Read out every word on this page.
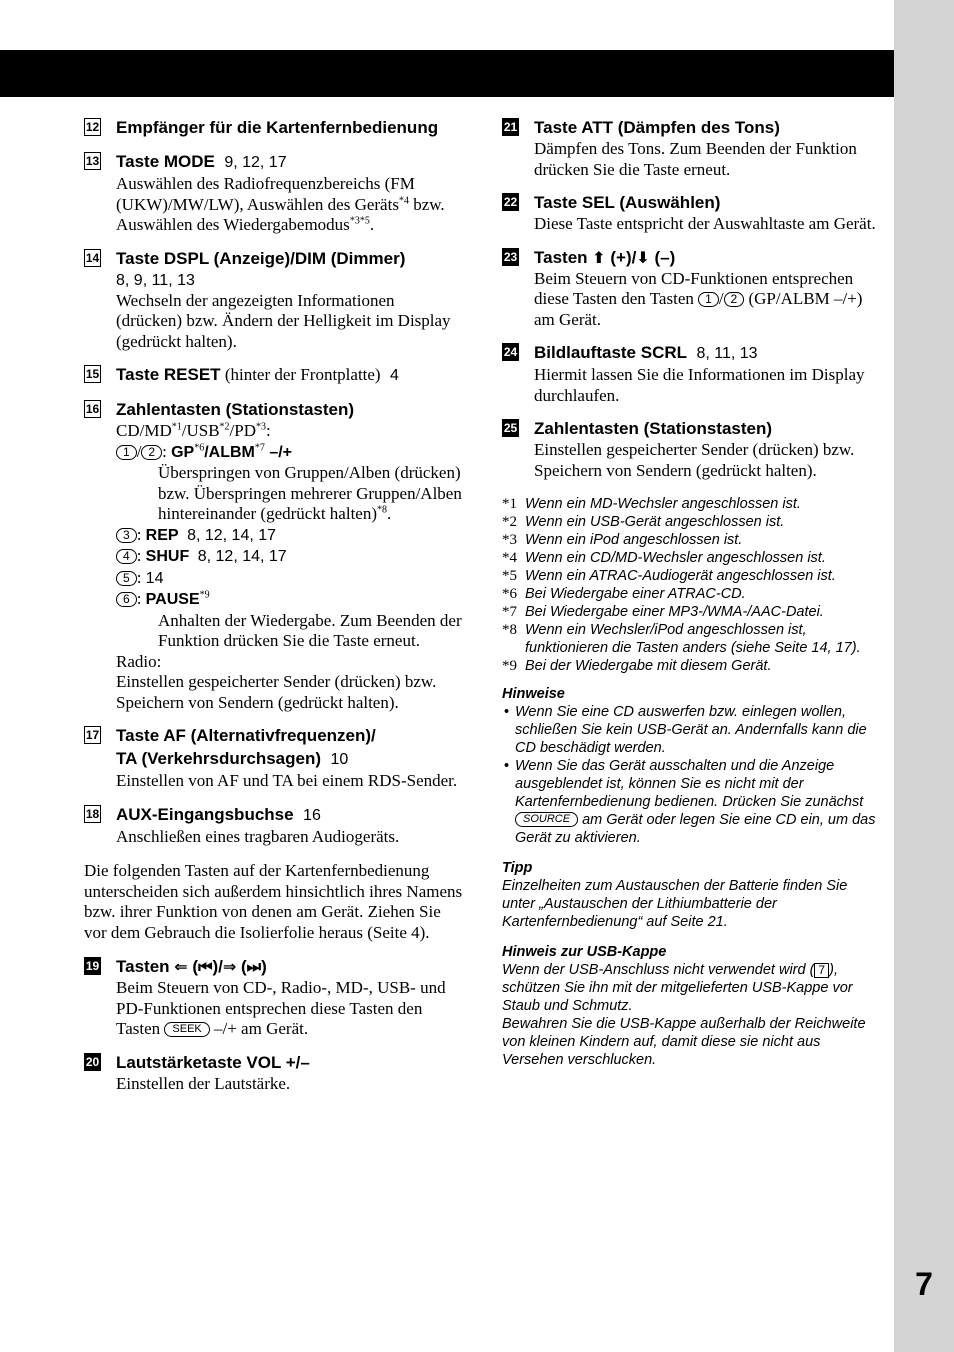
7
12 Empfänger für die Kartenfernbedienung
13 Taste MODE 9, 12, 17
Auswählen des Radiofrequenzbereichs (FM (UKW)/MW/LW), Auswählen des Geräts$^{*4}$ bzw. Auswählen des Wiedergabemodus$^{*3*5}$.
14 Taste DSPL (Anzeige)/DIM (Dimmer)
8, 9, 11, 13
Wechseln der angezeigten Informationen (drücken) bzw. Ändern der Helligkeit im Display (gedrückt halten).
15 Taste RESET (hinter der Frontplatte) 4
16 Zahlentasten (Stationstasten)
CD/MD$^{*1}$/USB$^{*2}$/PD$^{*3}$:
1 / 2 : GP$^{*6}$/ALBM$^{*7}$ –/+
Überspringen von Gruppen/Alben (drücken) bzw. Überspringen mehrerer Gruppen/Alben hintereinander (gedrückt halten)$^{*8}$.
3 : REP 8, 12, 14, 17
4 : SHUF 8, 12, 14, 17
5 : 14
6 : PAUSE$^{*9}$
Anhalten der Wiedergabe. Zum Beenden der Funktion drücken Sie die Taste erneut.
Radio:
Einstellen gespeicherter Sender (drücken) bzw. Speichern von Sendern (gedrückt halten).
17 Taste AF (Alternativfrequenzen)/
TA (Verkehrsdurchsagen) 10
Einstellen von AF und TA bei einem RDS-Sender.
18 AUX-Eingangsbuchse 16
Anschließen eines tragbaren Audiogeräts.
Die folgenden Tasten auf der Kartenfernbedienung unterscheiden sich außerdem hinsichtlich ihres Namens bzw. ihrer Funktion von denen am Gerät. Ziehen Sie vor dem Gebrauch die Isolierfolie heraus (Seite 4).
19 Tasten ⇐ (⏮)/⇒ (⏭)
Beim Steuern von CD-, Radio-, MD-, USB- und PD-Funktionen entsprechen diese Tasten den Tasten SEEK –/+ am Gerät.
20 Lautstärketaste VOL +/–
Einstellen der Lautstärke.
21 Taste ATT (Dämpfen des Tons)
Dämpfen des Tons. Zum Beenden der Funktion drücken Sie die Taste erneut.
22 Taste SEL (Auswählen)
Diese Taste entspricht der Auswahltaste am Gerät.
23 Tasten ⬆ (+)/⬇ (–)
Beim Steuern von CD-Funktionen entsprechen diese Tasten den Tasten 1 / 2 (GP/ALBM –/+) am Gerät.
24 Bildlauftaste SCRL 8, 11, 13
Hiermit lassen Sie die Informationen im Display durchlaufen.
25 Zahlentasten (Stationstasten)
Einstellen gespeicherter Sender (drücken) bzw. Speichern von Sendern (gedrückt halten).
*1 Wenn ein MD-Wechsler angeschlossen ist.
*2 Wenn ein USB-Gerät angeschlossen ist.
*3 Wenn ein iPod angeschlossen ist.
*4 Wenn ein CD/MD-Wechsler angeschlossen ist.
*5 Wenn ein ATRAC-Audiogerät angeschlossen ist.
*6 Bei Wiedergabe einer ATRAC-CD.
*7 Bei Wiedergabe einer MP3-/WMA-/AAC-Datei.
*8 Wenn ein Wechsler/iPod angeschlossen ist, funktionieren die Tasten anders (siehe Seite 14, 17).
*9 Bei der Wiedergabe mit diesem Gerät.
Hinweise
• Wenn Sie eine CD auswerfen bzw. einlegen wollen, schließen Sie kein USB-Gerät an. Andernfalls kann die CD beschädigt werden.
• Wenn Sie das Gerät ausschalten und die Anzeige ausgeblendet ist, können Sie es nicht mit der Kartenfernbedienung bedienen. Drücken Sie zunächst SOURCE am Gerät oder legen Sie eine CD ein, um das Gerät zu aktivieren.
Tipp
Einzelheiten zum Austauschen der Batterie finden Sie unter „Austauschen der Lithiumbatterie der Kartenfernbedienung“ auf Seite 21.
Hinweis zur USB-Kappe
Wenn der USB-Anschluss nicht verwendet wird ( 7 ), schützen Sie ihn mit der mitgelieferten USB-Kappe vor Staub und Schmutz.
Bewahren Sie die USB-Kappe außerhalb der Reichweite von kleinen Kindern auf, damit diese sie nicht aus Versehen verschlucken.
